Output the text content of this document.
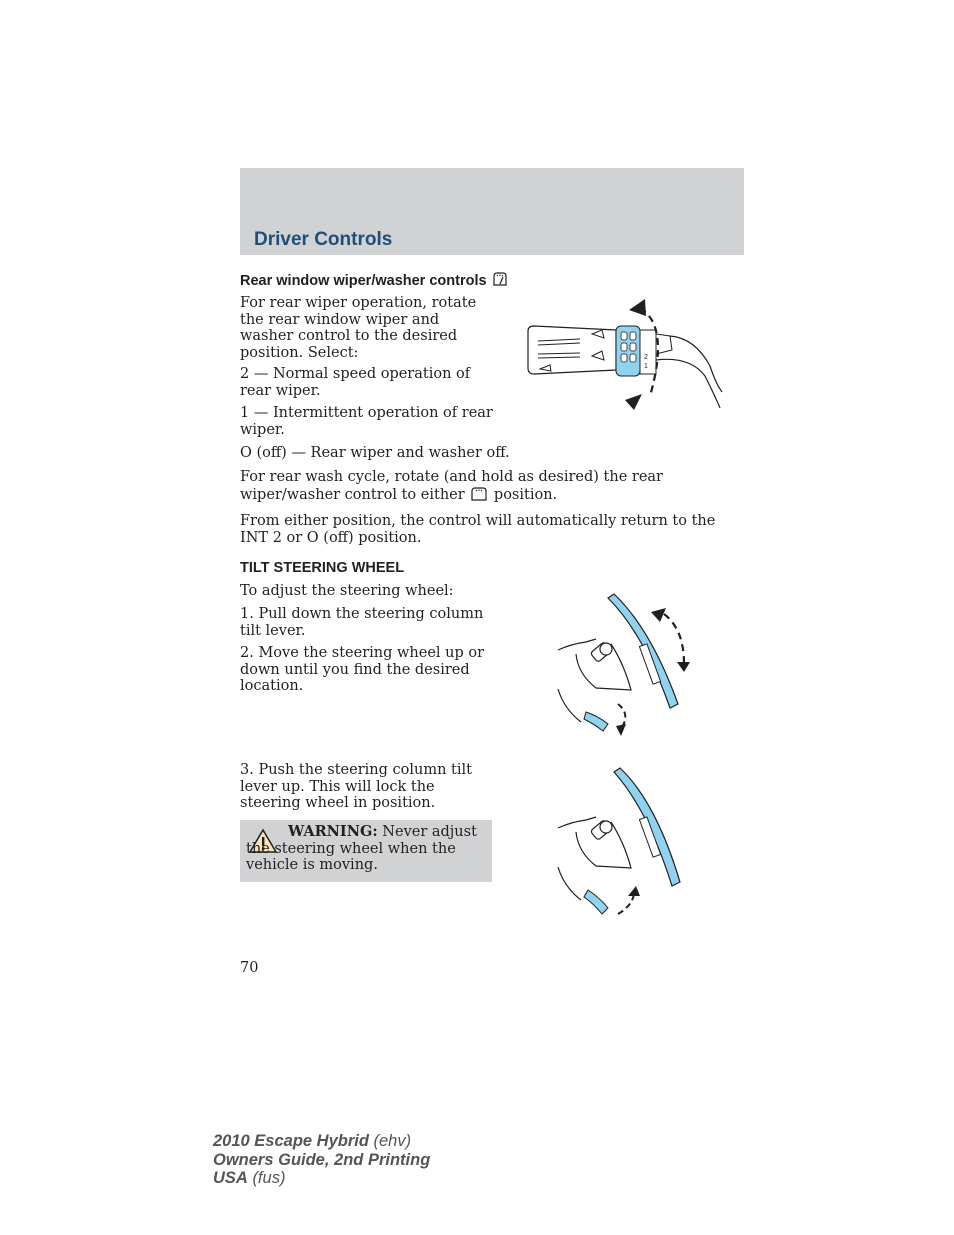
Driver Controls
Rear window wiper/washer controls

For rear wiper operation, rotate the rear window wiper and washer control to the desired position. Select:

2 — Normal speed operation of rear wiper.

1 — Intermittent operation of rear wiper.

O (off) — Rear wiper and washer off.

For rear wash cycle, rotate (and hold as desired) the rear wiper/washer control to either position.

From either position, the control will automatically return to the INT 2 or O (off) position.

2
1
TILT STEERING WHEEL

To adjust the steering wheel:

1. Pull down the steering column tilt lever.

2. Move the steering wheel up or down until you find the desired location.

3. Push the steering column tilt lever up. This will lock the steering wheel in position.

WARNING: Never adjust the steering wheel when the vehicle is moving.

70
2010 Escape Hybrid (ehv)
Owners Guide, 2nd Printing
USA (fus)
